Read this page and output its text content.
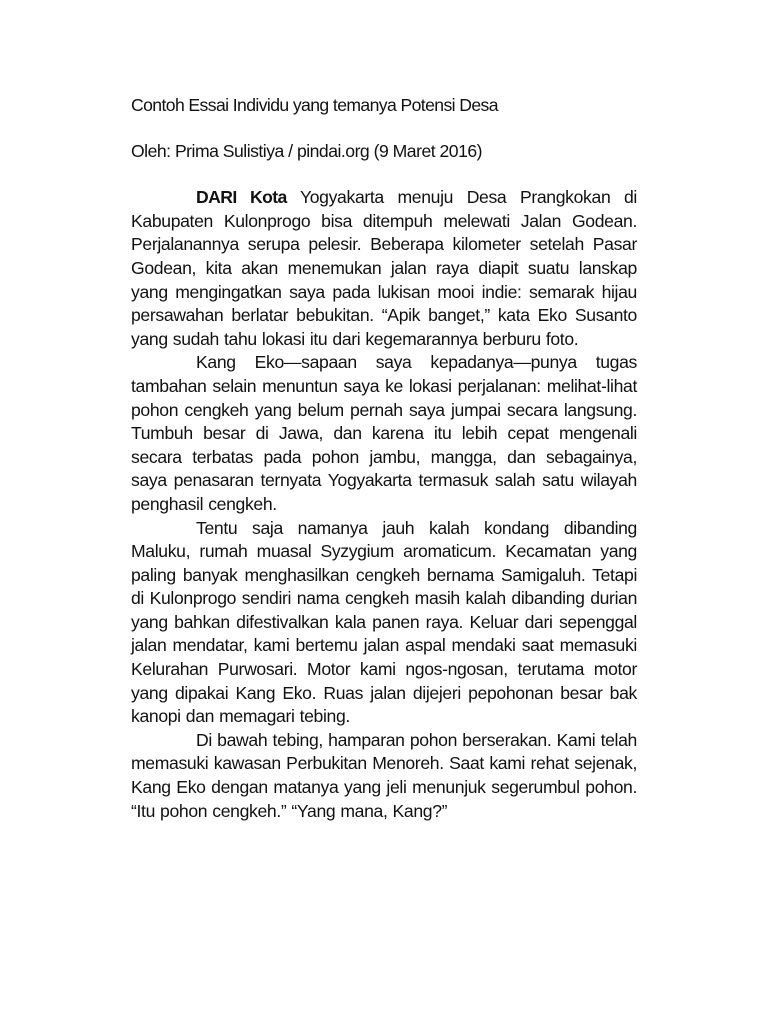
Contoh Essai Individu yang temanya Potensi Desa

Oleh: Prima Sulistiya / pindai.org (9 Maret 2016)

DARI Kota Yogyakarta menuju Desa Prangkokan di Kabupaten Kulonprogo bisa ditempuh melewati Jalan Godean. Perjalanannya serupa pelesir. Beberapa kilometer setelah Pasar Godean, kita akan menemukan jalan raya diapit suatu lanskap yang mengingatkan saya pada lukisan mooi indie: semarak hijau persawahan berlatar bebukitan. “Apik banget,” kata Eko Susanto yang sudah tahu lokasi itu dari kegemarannya berburu foto.

Kang Eko—sapaan saya kepadanya—punya tugas tambahan selain menuntun saya ke lokasi perjalanan: melihat-lihat pohon cengkeh yang belum pernah saya jumpai secara langsung. Tumbuh besar di Jawa, dan karena itu lebih cepat mengenali secara terbatas pada pohon jambu, mangga, dan sebagainya, saya penasaran ternyata Yogyakarta termasuk salah satu wilayah penghasil cengkeh.

Tentu saja namanya jauh kalah kondang dibanding Maluku, rumah muasal Syzygium aromaticum. Kecamatan yang paling banyak menghasilkan cengkeh bernama Samigaluh. Tetapi di Kulonprogo sendiri nama cengkeh masih kalah dibanding durian yang bahkan difestivalkan kala panen raya. Keluar dari sepenggal jalan mendatar, kami bertemu jalan aspal mendaki saat memasuki Kelurahan Purwosari. Motor kami ngos-ngosan, terutama motor yang dipakai Kang Eko. Ruas jalan dijejeri pepohonan besar bak kanopi dan memagari tebing.

Di bawah tebing, hamparan pohon berserakan. Kami telah memasuki kawasan Perbukitan Menoreh. Saat kami rehat sejenak, Kang Eko dengan matanya yang jeli menunjuk segerumbul pohon. “Itu pohon cengkeh.” “Yang mana, Kang?”
